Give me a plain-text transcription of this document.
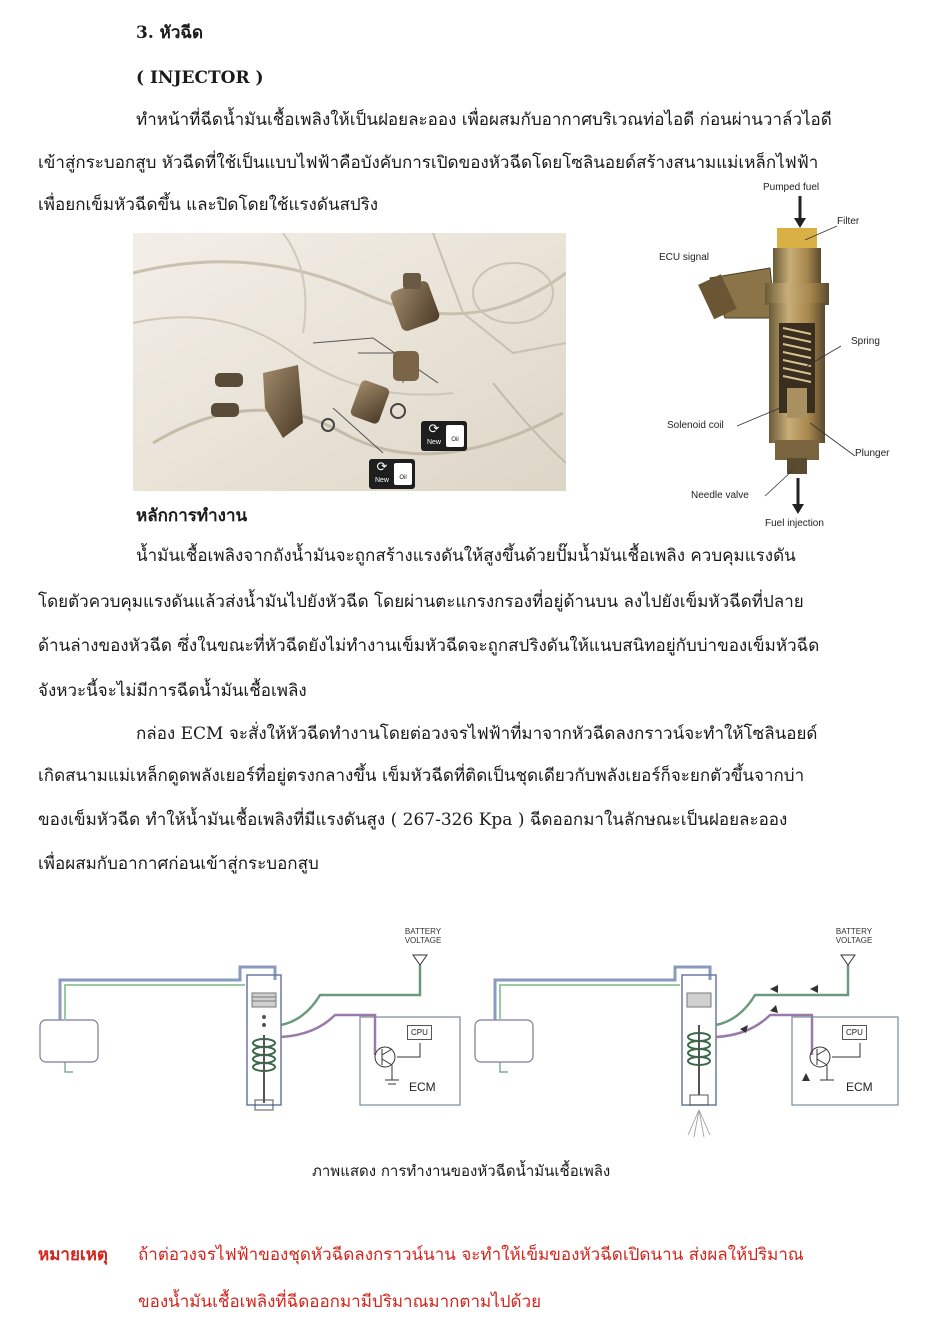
3. หัวฉีด
( INJECTOR )
ทำหน้าที่ฉีดน้ำมันเชื้อเพลิงให้เป็นฝอยละออง เพื่อผสมกับอากาศบริเวณท่อไอดี ก่อนผ่านวาล์วไอดี
เข้าสู่กระบอกสูบ หัวฉีดที่ใช้เป็นแบบไฟฟ้าคือบังคับการเปิดของหัวฉีดโดยโซลินอยด์สร้างสนามแม่เหล็กไฟฟ้า
เพื่อยกเข็มหัวฉีดขึ้น และปิดโดยใช้แรงดันสปริง
⟳
New	Oil
⟳
New	Oil
Pumped fuel
Filter
ECU signal
Spring
Solenoid coil
Plunger
Needle valve
Fuel injection
หลักการทำงาน
น้ำมันเชื้อเพลิงจากถังน้ำมันจะถูกสร้างแรงดันให้สูงขึ้นด้วยปั๊มน้ำมันเชื้อเพลิง ควบคุมแรงดัน
โดยตัวควบคุมแรงดันแล้วส่งน้ำมันไปยังหัวฉีด โดยผ่านตะแกรงกรองที่อยู่ด้านบน ลงไปยังเข็มหัวฉีดที่ปลาย
ด้านล่างของหัวฉีด ซึ่งในขณะที่หัวฉีดยังไม่ทำงานเข็มหัวฉีดจะถูกสปริงดันให้แนบสนิทอยู่กับบ่าของเข็มหัวฉีด
จังหวะนี้จะไม่มีการฉีดน้ำมันเชื้อเพลิง
กล่อง ECM จะสั่งให้หัวฉีดทำงานโดยต่อวงจรไฟฟ้าที่มาจากหัวฉีดลงกราวน์จะทำให้โซลินอยด์
เกิดสนามแม่เหล็กดูดพลังเยอร์ที่อยู่ตรงกลางขึ้น เข็มหัวฉีดที่ติดเป็นชุดเดียวกับพลังเยอร์ก็จะยกตัวขึ้นจากบ่า
ของเข็มหัวฉีด ทำให้น้ำมันเชื้อเพลิงที่มีแรงดันสูง ( 267-326 Kpa ) ฉีดออกมาในลักษณะเป็นฝอยละออง
เพื่อผสมกับอากาศก่อนเข้าสู่กระบอกสูบ
BATTERY
VOLTAGE
CPU
ECM
BATTERY
VOLTAGE
CPU
ECM
ภาพแสดง การทำงานของหัวฉีดน้ำมันเชื้อเพลิง
หมายเหตุ ถ้าต่อวงจรไฟฟ้าของชุดหัวฉีดลงกราวน์นาน จะทำให้เข็มของหัวฉีดเปิดนาน ส่งผลให้ปริมาณ
ของน้ำมันเชื้อเพลิงที่ฉีดออกมามีปริมาณมากตามไปด้วย
